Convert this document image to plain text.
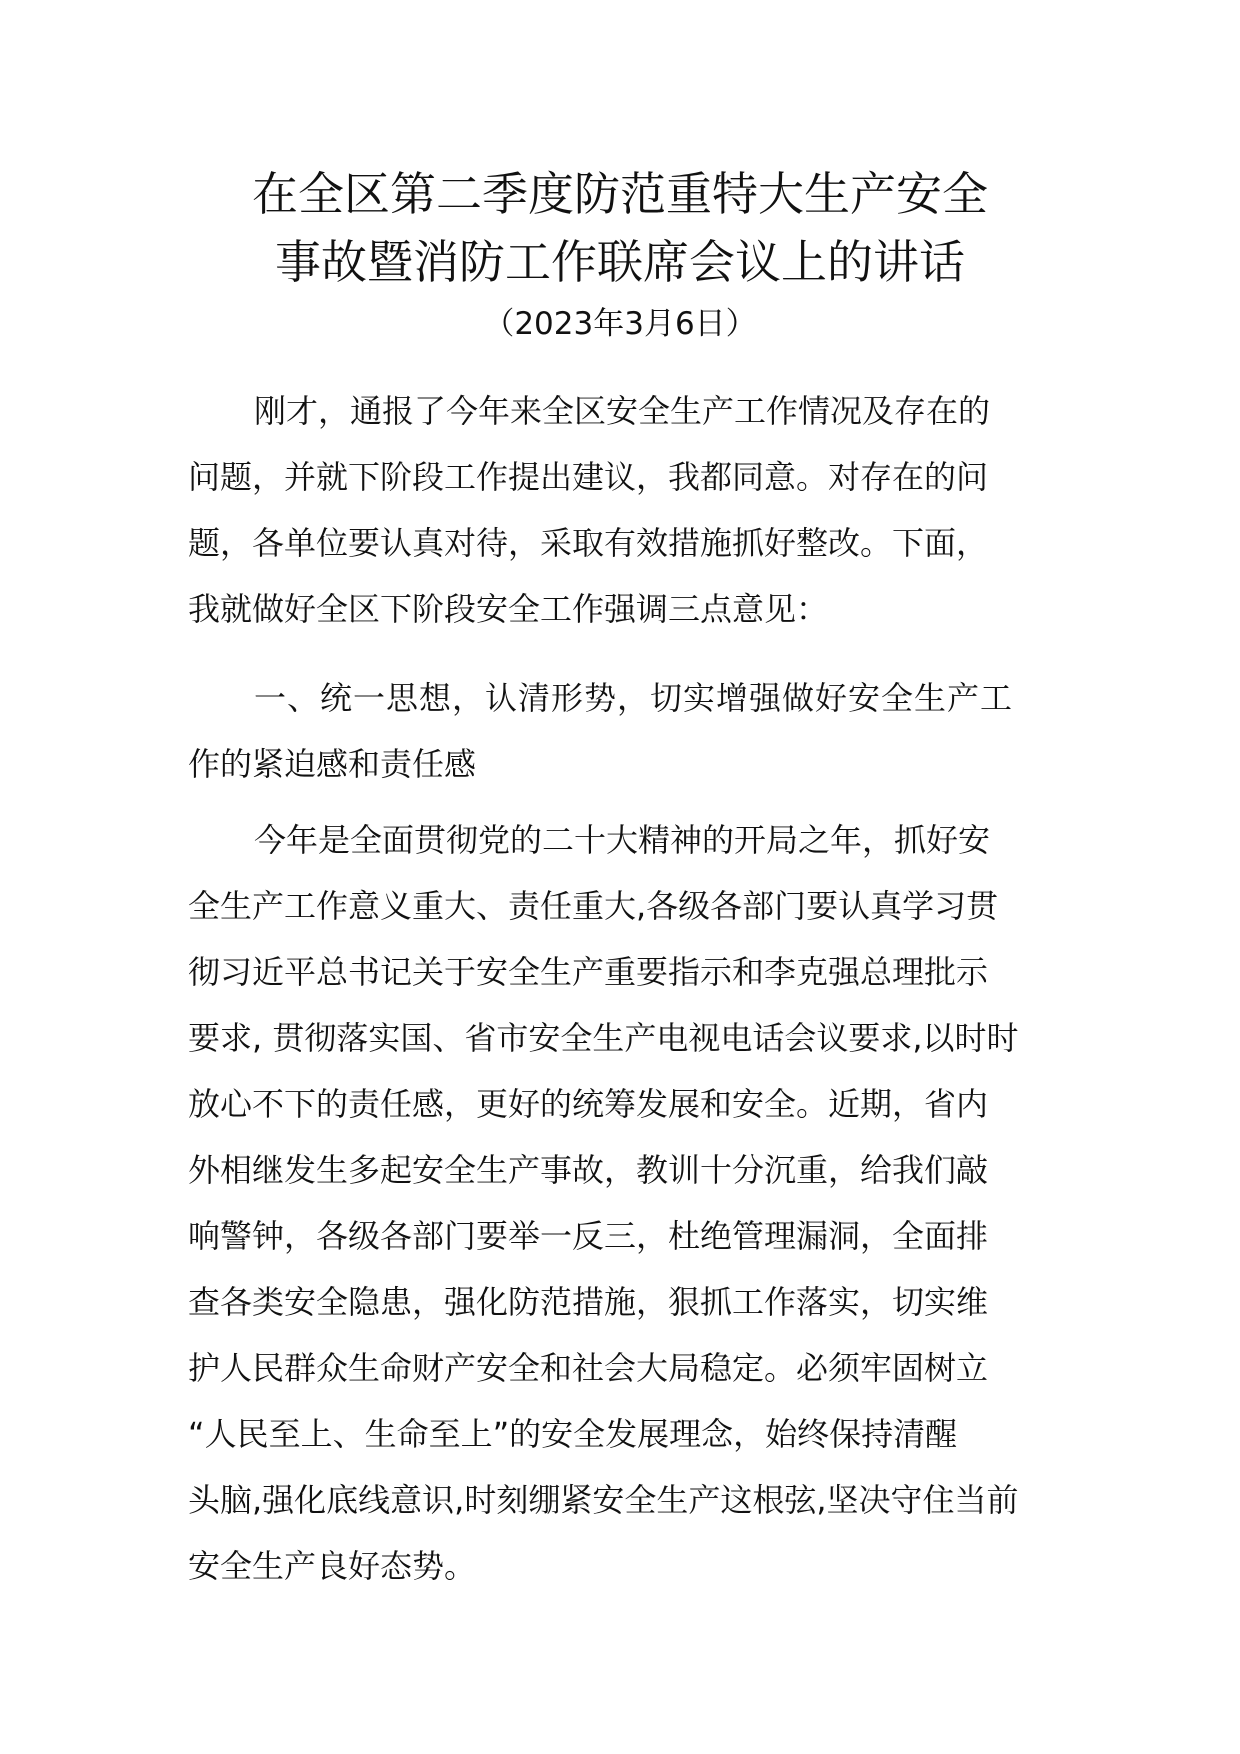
在全区第二季度防范重特大生产安全
事故暨消防工作联席会议上的讲话
（2023年3月6日）
刚才，通报了今年来全区安全生产工作情况及存在的
问题，并就下阶段工作提出建议，我都同意。对存在的问
题，各单位要认真对待，采取有效措施抓好整改。下面，
我就做好全区下阶段安全工作强调三点意见：
一、统一思想，认清形势，切实增强做好安全生产工
作的紧迫感和责任感
今年是全面贯彻党的二十大精神的开局之年，抓好安
全生产工作意义重大、责任重大,各级各部门要认真学习贯
彻习近平总书记关于安全生产重要指示和李克强总理批示
要求, 贯彻落实国、省市安全生产电视电话会议要求,以时时
放心不下的责任感，更好的统筹发展和安全。近期，省内
外相继发生多起安全生产事故，教训十分沉重，给我们敲
响警钟，各级各部门要举一反三，杜绝管理漏洞，全面排
查各类安全隐患，强化防范措施，狠抓工作落实，切实维
护人民群众生命财产安全和社会大局稳定。必须牢固树立
“人民至上、生命至上”的安全发展理念，始终保持清醒
头脑,强化底线意识,时刻绷紧安全生产这根弦,坚决守住当前
安全生产良好态势。
